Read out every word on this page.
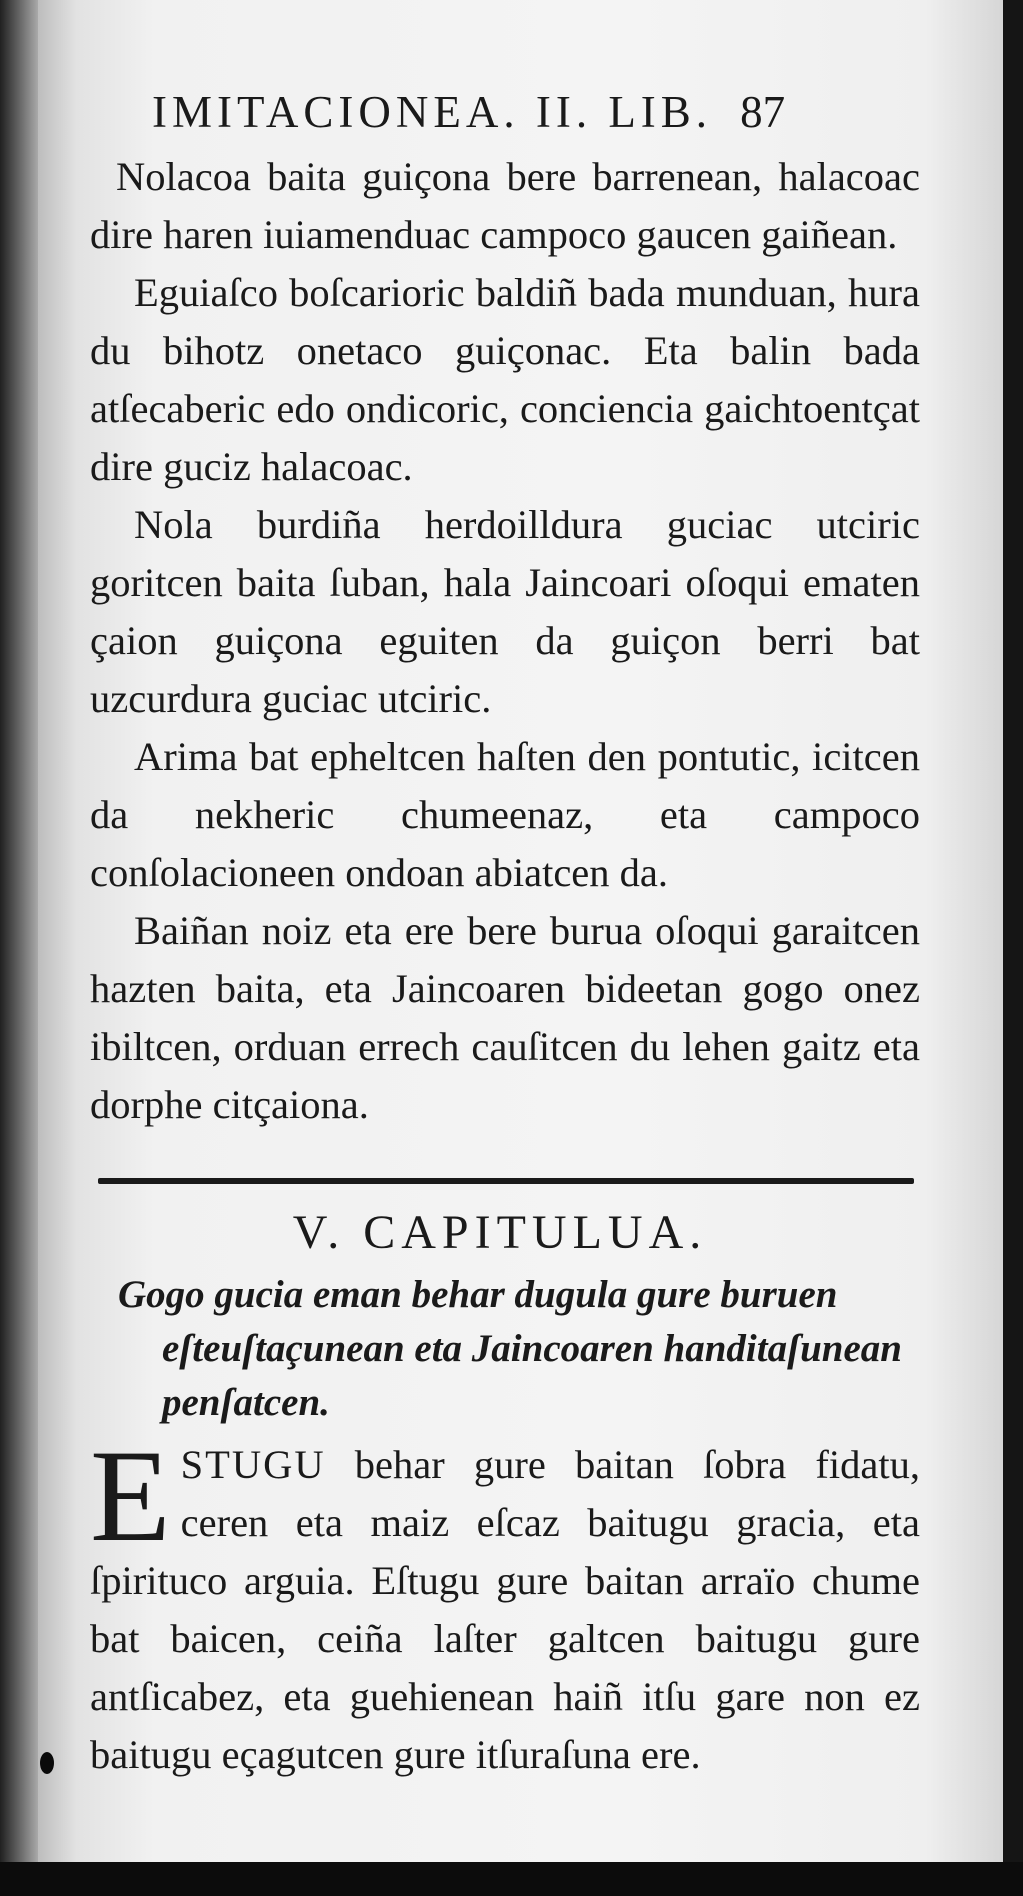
IMITACIONEA. II. LIB. 87

Nolacoa baita guiçona bere barrenean, halacoac dire haren iuiamenduac campoco gaucen gaiñean.

Eguiaſco boſcarioric baldiñ bada munduan, hura du bihotz onetaco guiçonac. Eta balin bada atſecaberic edo ondicoric, conciencia gaichtoentçat dire guciz halacoac.

Nola burdiña herdoilldura guciac utciric goritcen baita ſuban, hala Jaincoari oſoqui ematen çaion guiçona eguiten da guiçon berri bat uzcurdura guciac utciric.

Arima bat epheltcen haſten den pontutic, icitcen da nekheric chumeenaz, eta campoco conſolacioneen ondoan abiatcen da.

Baiñan noiz eta ere bere burua oſoqui garaitcen hazten baita, eta Jaincoaren bideetan gogo onez ibiltcen, orduan errech cauſitcen du lehen gaitz eta dorphe citçaiona.

V. CAPITULUA.
Gogo gucia eman behar dugula gure buruen eſteuſtaçunean eta Jaincoaren handitaſunean penſatcen.

ESTUGU behar gure baitan ſobra fidatu, ceren eta maiz eſcaz baitugu gracia, eta ſpirituco arguia. Eſtugu gure baitan arraïo chume bat baicen, ceiña laſter galtcen baitugu gure antſicabez, eta guehienean haiñ itſu gare non ez baitugu eçagutcen gure itſuraſuna ere.
